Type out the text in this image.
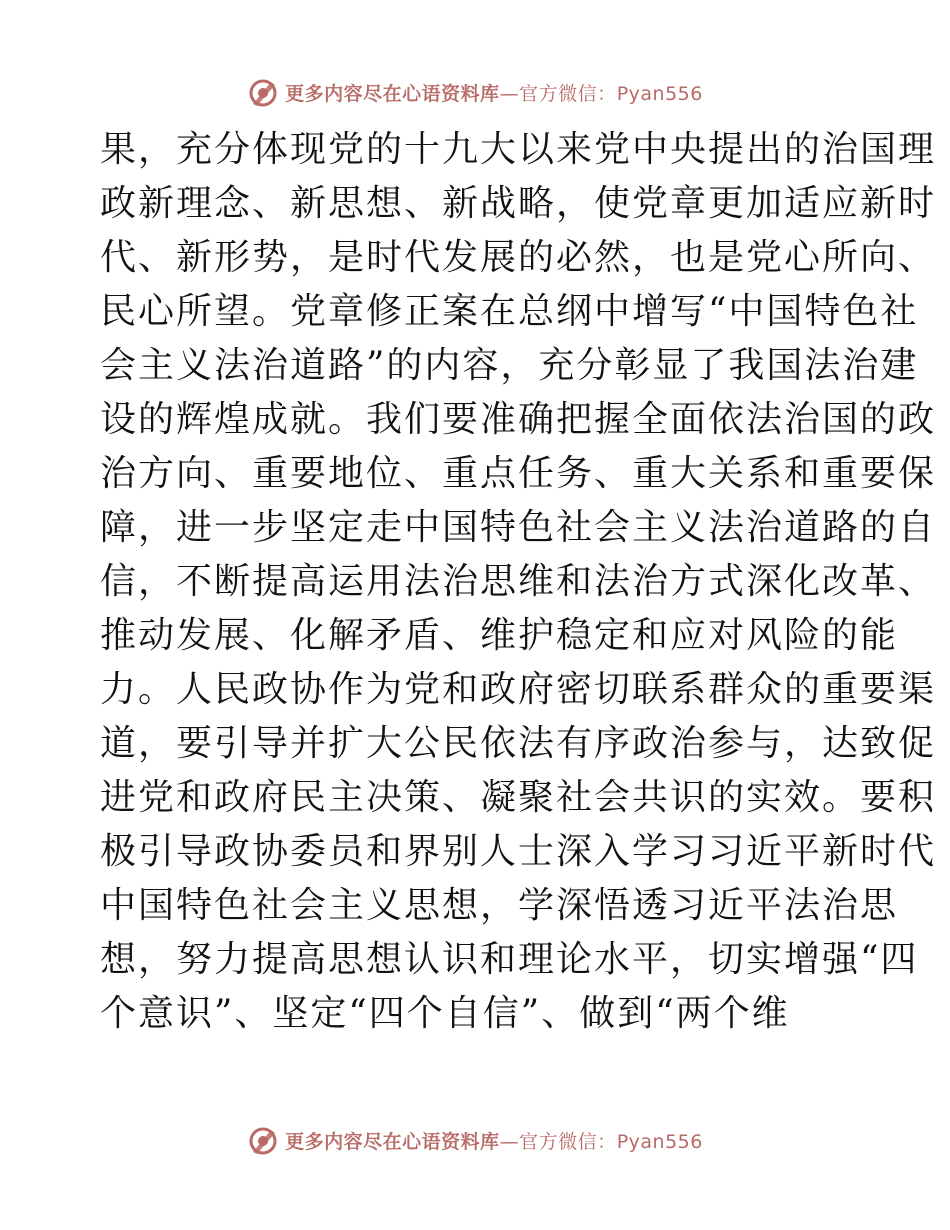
更多内容尽在心语资料库—官方微信：Pyan556
果，充分体现党的十九大以来党中央提出的治国理
政新理念、新思想、新战略，使党章更加适应新时
代、新形势，是时代发展的必然，也是党心所向、
民心所望。党章修正案在总纲中增写“中国特色社
会主义法治道路”的内容，充分彰显了我国法治建
设的辉煌成就。我们要准确把握全面依法治国的政
治方向、重要地位、重点任务、重大关系和重要保
障，进一步坚定走中国特色社会主义法治道路的自
信，不断提高运用法治思维和法治方式深化改革、
推动发展、化解矛盾、维护稳定和应对风险的能
力。人民政协作为党和政府密切联系群众的重要渠
道，要引导并扩大公民依法有序政治参与，达致促
进党和政府民主决策、凝聚社会共识的实效。要积
极引导政协委员和界别人士深入学习习近平新时代
中国特色社会主义思想，学深悟透习近平法治思
想，努力提高思想认识和理论水平，切实增强“四
个意识”、坚定“四个自信”、做到“两个维
更多内容尽在心语资料库—官方微信：Pyan556
